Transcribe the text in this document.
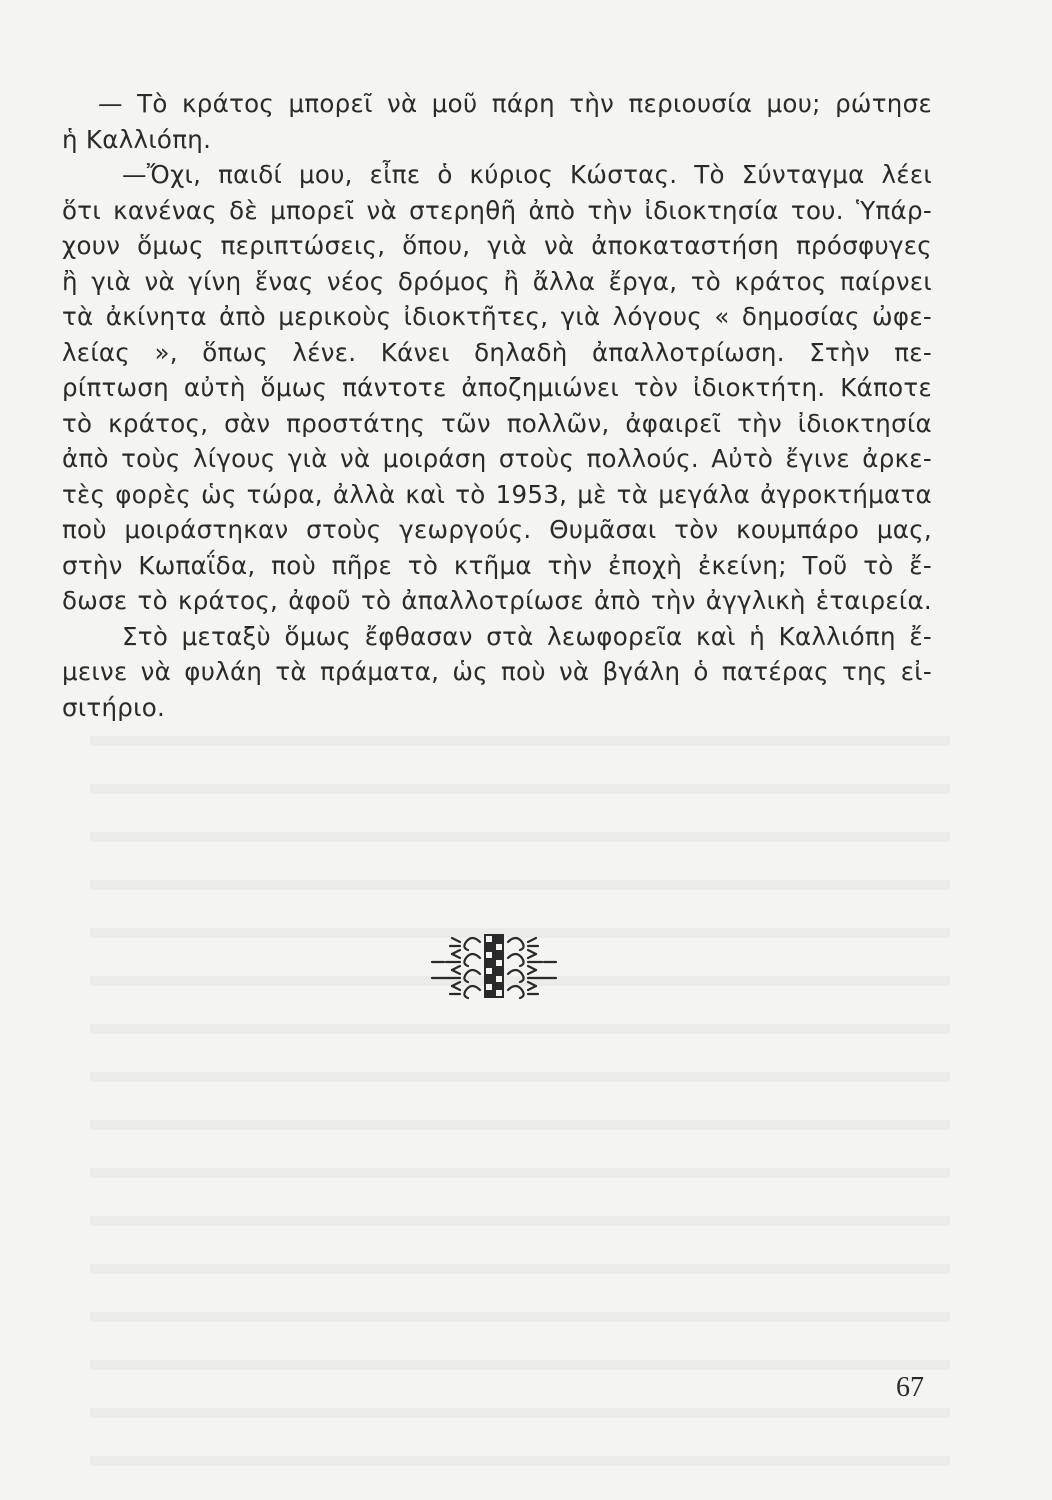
— Τὸ κράτος μπορεῖ νὰ μοῦ πάρη τὴν περιουσία μου; ρώτησε
ἡ Καλλιόπη.
—Ὄχι, παιδί μου, εἶπε ὁ κύριος Κώστας. Τὸ Σύνταγμα λέει
ὅτι κανένας δὲ μπορεῖ νὰ στερηθῆ ἀπὸ τὴν ἰδιοκτησία του. Ὑπάρ-
χουν ὅμως περιπτώσεις, ὅπου, γιὰ νὰ ἀποκαταστήση πρόσφυγες
ἢ γιὰ νὰ γίνη ἕνας νέος δρόμος ἢ ἄλλα ἔργα, τὸ κράτος παίρνει
τὰ ἀκίνητα ἀπὸ μερικοὺς ἰδιοκτῆτες, γιὰ λόγους « δημοσίας ὠφε-
λείας », ὅπως λένε. Κάνει δηλαδὴ ἀπαλλοτρίωση. Στὴν πε-
ρίπτωση αὐτὴ ὅμως πάντοτε ἀποζημιώνει τὸν ἰδιοκτήτη. Κάποτε
τὸ κράτος, σὰν προστάτης τῶν πολλῶν, ἀφαιρεῖ τὴν ἰδιοκτησία
ἀπὸ τοὺς λίγους γιὰ νὰ μοιράση στοὺς πολλούς. Αὐτὸ ἔγινε ἀρκε-
τὲς φορὲς ὡς τώρα, ἀλλὰ καὶ τὸ 1953, μὲ τὰ μεγάλα ἀγροκτήματα
ποὺ μοιράστηκαν στοὺς γεωργούς. Θυμᾶσαι τὸν κουμπάρο μας,
στὴν Κωπαΐδα, ποὺ πῆρε τὸ κτῆμα τὴν ἐποχὴ ἐκείνη; Τοῦ τὸ ἔ-
δωσε τὸ κράτος, ἀφοῦ τὸ ἀπαλλοτρίωσε ἀπὸ τὴν ἀγγλικὴ ἑταιρεία.
Στὸ μεταξὺ ὅμως ἔφθασαν στὰ λεωφορεῖα καὶ ἡ Καλλιόπη ἔ-
μεινε νὰ φυλάη τὰ πράματα, ὡς ποὺ νὰ βγάλη ὁ πατέρας της εἰ-
σιτήριο.
67
